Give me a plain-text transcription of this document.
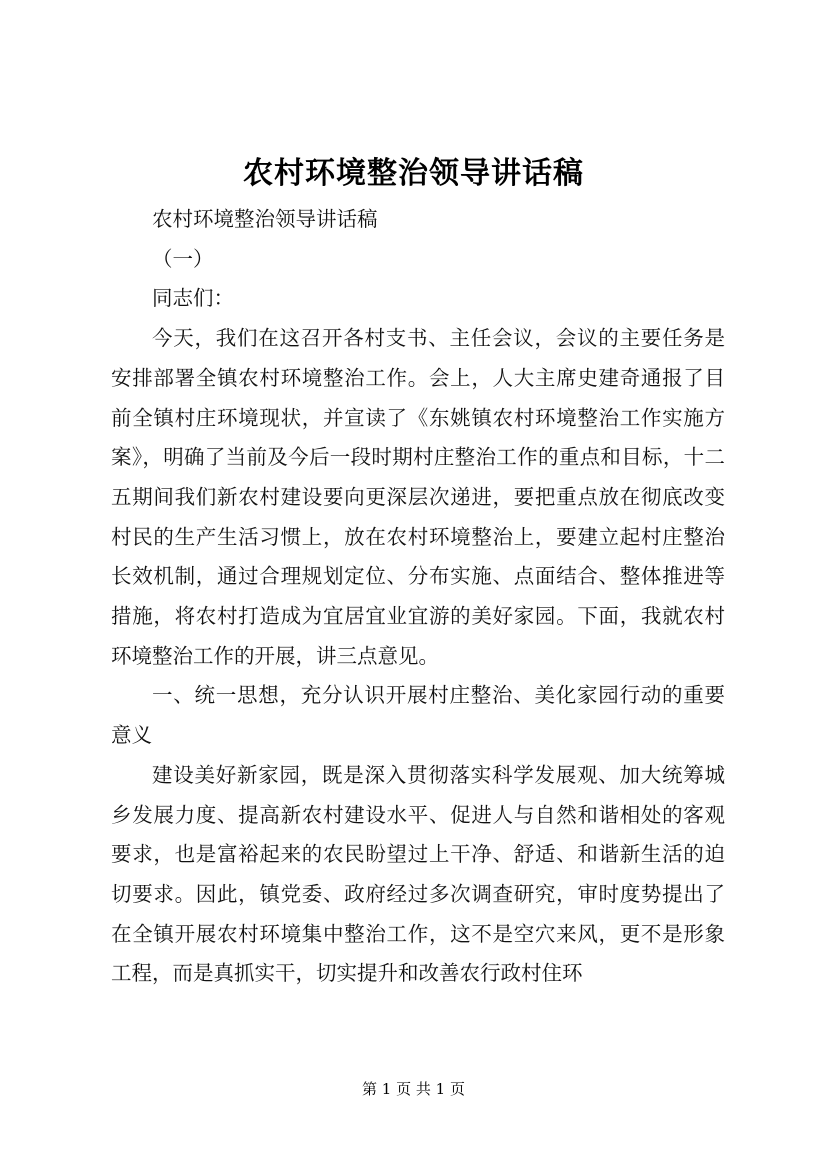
农村环境整治领导讲话稿

农村环境整治领导讲话稿

（一）

同志们：

今天，我们在这召开各村支书、主任会议，会议的主要任务是安排部署全镇农村环境整治工作。会上，人大主席史建奇通报了目前全镇村庄环境现状，并宣读了《东姚镇农村环境整治工作实施方案》，明确了当前及今后一段时期村庄整治工作的重点和目标，十二五期间我们新农村建设要向更深层次递进，要把重点放在彻底改变村民的生产生活习惯上，放在农村环境整治上，要建立起村庄整治长效机制，通过合理规划定位、分布实施、点面结合、整体推进等措施，将农村打造成为宜居宜业宜游的美好家园。下面，我就农村环境整治工作的开展，讲三点意见。

一、统一思想，充分认识开展村庄整治、美化家园行动的重要意义

建设美好新家园，既是深入贯彻落实科学发展观、加大统筹城乡发展力度、提高新农村建设水平、促进人与自然和谐相处的客观要求，也是富裕起来的农民盼望过上干净、舒适、和谐新生活的迫切要求。因此，镇党委、政府经过多次调查研究，审时度势提出了在全镇开展农村环境集中整治工作，这不是空穴来风，更不是形象工程，而是真抓实干，切实提升和改善农行政村住环

第 1 页 共 1 页
